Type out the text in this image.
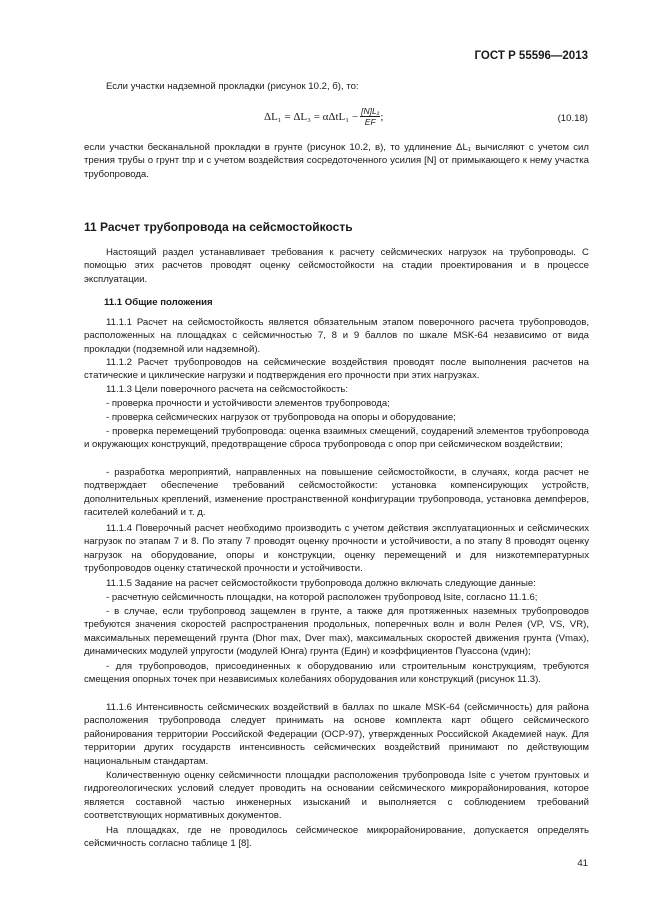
ГОСТ Р 55596—2013

Если участки надземной прокладки (рисунок 10.2, б), то:

$\Delta L_1 = \Delta L_3 = \alpha\Delta tL_1 - \frac{\text{[N]L₁}}{EF}$ ;	(10.18)

если участки бесканальной прокладки в грунте (рисунок 10.2, в), то удлинение ΔL₁ вычисляют с учетом сил трения трубы о грунт tпр и с учетом воздействия сосредоточенного усилия [N] от примыкающего к нему участка трубопровода.

11 Расчет трубопровода на сейсмостойкость

Настоящий раздел устанавливает требования к расчету сейсмических нагрузок на трубопроводы. С помощью этих расчетов проводят оценку сейсмостойкости на стадии проектирования и в процессе эксплуатации.

11.1 Общие положения

11.1.1 Расчет на сейсмостойкость является обязательным этапом поверочного расчета трубопроводов, расположенных на площадках с сейсмичностью 7, 8 и 9 баллов по шкале MSK-64 независимо от вида прокладки (подземной или надземной).

11.1.2 Расчет трубопроводов на сейсмические воздействия проводят после выполнения расчетов на статические и циклические нагрузки и подтверждения его прочности при этих нагрузках.

11.1.3 Цели поверочного расчета на сейсмостойкость:

- проверка прочности и устойчивости элементов трубопровода;

- проверка сейсмических нагрузок от трубопровода на опоры и оборудование;

- проверка перемещений трубопровода: оценка взаимных смещений, соударений элементов трубопровода и окружающих конструкций, предотвращение сброса трубопровода с опор при сейсмическом воздействии;

- разработка мероприятий, направленных на повышение сейсмостойкости, в случаях, когда расчет не подтверждает обеспечение требований сейсмостойкости: установка компенсирующих устройств, дополнительных креплений, изменение пространственной конфигурации трубопровода, установка демпферов, гасителей колебаний и т. д.

11.1.4 Поверочный расчет необходимо производить с учетом действия эксплуатационных и сейсмических нагрузок по этапам 7 и 8. По этапу 7 проводят оценку прочности и устойчивости, а по этапу 8 проводят оценку нагрузок на оборудование, опоры и конструкции, оценку перемещений и для низкотемпературных трубопроводов оценку статической прочности и устойчивости.

11.1.5 Задание на расчет сейсмостойкости трубопровода должно включать следующие данные:

- расчетную сейсмичность площадки, на которой расположен трубопровод Isite, согласно 11.1.6;

- в случае, если трубопровод защемлен в грунте, а также для протяженных наземных трубопроводов требуются значения скоростей распространения продольных, поперечных волн и волн Релея (VP, VS, VR), максимальных перемещений грунта (Dhor max, Dver max), максимальных скоростей движения грунта (Vmax), динамических модулей упругости (модулей Юнга) грунта (Eдин) и коэффициентов Пуассона (vдин);

- для трубопроводов, присоединенных к оборудованию или строительным конструкциям, требуются смещения опорных точек при независимых колебаниях оборудования или конструкций (рисунок 11.3).

11.1.6 Интенсивность сейсмических воздействий в баллах по шкале MSK-64 (сейсмичность) для района расположения трубопровода следует принимать на основе комплекта карт общего сейсмического районирования территории Российской Федерации (ОСР-97), утвержденных Российской Академией наук. Для территории других государств интенсивность сейсмических воздействий принимают по действующим национальным стандартам.

Количественную оценку сейсмичности площадки расположения трубопровода Isite с учетом грунтовых и гидрогеологических условий следует проводить на основании сейсмического микрорайонирования, которое является составной частью инженерных изысканий и выполняется с соблюдением требований соответствующих нормативных документов.

На площадках, где не проводилось сейсмическое микрорайонирование, допускается определять сейсмичность согласно таблице 1 [8].

41
